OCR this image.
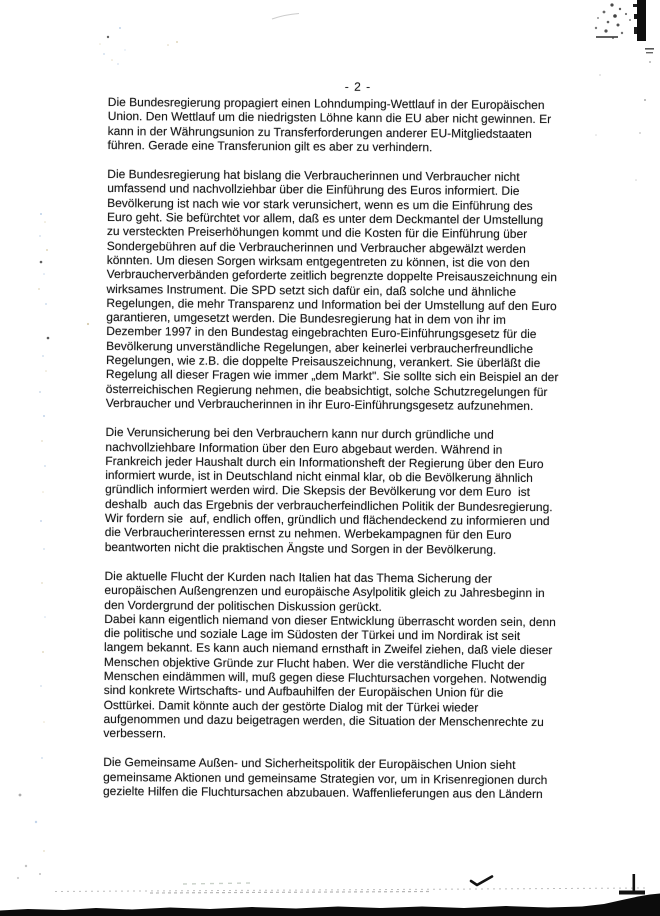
- 2 -
Die Bundesregierung propagiert einen Lohndumping-Wettlauf in der Europäischen
Union. Den Wettlauf um die niedrigsten Löhne kann die EU aber nicht gewinnen. Er
kann in der Währungsunion zu Transferforderungen anderer EU-Mitgliedstaaten
führen. Gerade eine Transferunion gilt es aber zu verhindern.
Die Bundesregierung hat bislang die Verbraucherinnen und Verbraucher nicht
umfassend und nachvollziehbar über die Einführung des Euros informiert. Die
Bevölkerung ist nach wie vor stark verunsichert, wenn es um die Einführung des
Euro geht. Sie befürchtet vor allem, daß es unter dem Deckmantel der Umstellung
zu versteckten Preiserhöhungen kommt und die Kosten für die Einführung über
Sondergebühren auf die Verbraucherinnen und Verbraucher abgewälzt werden
könnten. Um diesen Sorgen wirksam entgegentreten zu können, ist die von den
Verbraucherverbänden geforderte zeitlich begrenzte doppelte Preisauszeichnung ein
wirksames Instrument. Die SPD setzt sich dafür ein, daß solche und ähnliche
Regelungen, die mehr Transparenz und Information bei der Umstellung auf den Euro
garantieren, umgesetzt werden. Die Bundesregierung hat in dem von ihr im
Dezember 1997 in den Bundestag eingebrachten Euro-Einführungsgesetz für die
Bevölkerung unverständliche Regelungen, aber keinerlei verbraucherfreundliche
Regelungen, wie z.B. die doppelte Preisauszeichnung, verankert. Sie überläßt die
Regelung all dieser Fragen wie immer „dem Markt". Sie sollte sich ein Beispiel an der
österreichischen Regierung nehmen, die beabsichtigt, solche Schutzregelungen für
Verbraucher und Verbraucherinnen in ihr Euro-Einführungsgesetz aufzunehmen.
Die Verunsicherung bei den Verbrauchern kann nur durch gründliche und
nachvollziehbare Information über den Euro abgebaut werden. Während in
Frankreich jeder Haushalt durch ein Informationsheft der Regierung über den Euro
informiert wurde, ist in Deutschland nicht einmal klar, ob die Bevölkerung ähnlich
gründlich informiert werden wird. Die Skepsis der Bevölkerung vor dem Euro  ist
deshalb  auch das Ergebnis der verbraucherfeindlichen Politik der Bundesregierung.
Wir fordern sie  auf, endlich offen, gründlich und flächendeckend zu informieren und
die Verbraucherinteressen ernst zu nehmen. Werbekampagnen für den Euro
beantworten nicht die praktischen Ängste und Sorgen in der Bevölkerung.
Die aktuelle Flucht der Kurden nach Italien hat das Thema Sicherung der
europäischen Außengrenzen und europäische Asylpolitik gleich zu Jahresbeginn in
den Vordergrund der politischen Diskussion gerückt.
Dabei kann eigentlich niemand von dieser Entwicklung überrascht worden sein, denn
die politische und soziale Lage im Südosten der Türkei und im Nordirak ist seit
langem bekannt. Es kann auch niemand ernsthaft in Zweifel ziehen, daß viele dieser
Menschen objektive Gründe zur Flucht haben. Wer die verständliche Flucht der
Menschen eindämmen will, muß gegen diese Fluchtursachen vorgehen. Notwendig
sind konkrete Wirtschafts- und Aufbauhilfen der Europäischen Union für die
Osttürkei. Damit könnte auch der gestörte Dialog mit der Türkei wieder
aufgenommen und dazu beigetragen werden, die Situation der Menschenrechte zu
verbessern.
Die Gemeinsame Außen- und Sicherheitspolitik der Europäischen Union sieht
gemeinsame Aktionen und gemeinsame Strategien vor, um in Krisenregionen durch
gezielte Hilfen die Fluchtursachen abzubauen. Waffenlieferungen aus den Ländern
